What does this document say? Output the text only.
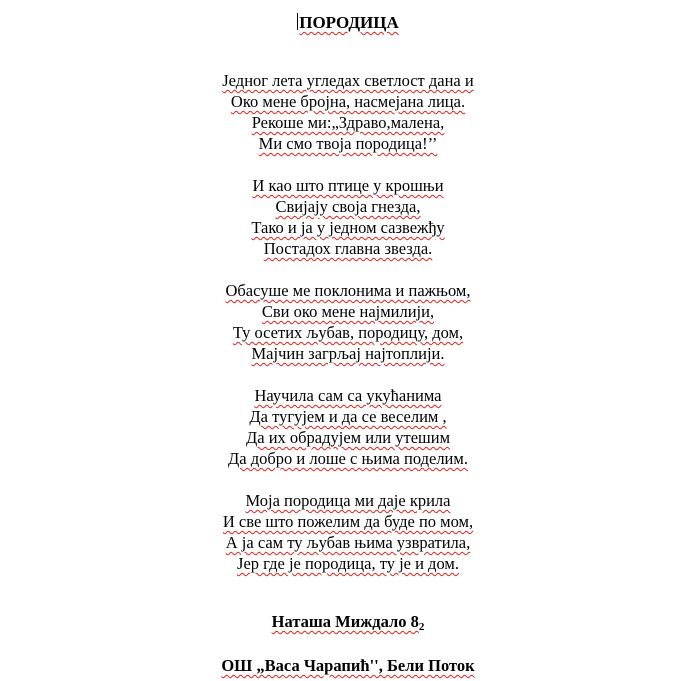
ПОРОДИЦА
Једног лета угледах светлост дана и
Око мене бројна, насмејана лица.
Рекоше ми:„Здраво,малена,
Ми смо твоја породица!’’
И као што птице у крошњи
Свијају своја гнезда,
Тако и ја у једном сазвежђу
Постадох главна звезда.
Обасуше ме поклонима и пажњом,
Сви око мене најмилији,
Ту осетих љубав, породицу, дом,
Мајчин загрљај најтоплији.
Научила сам са укућанима
Да тугујем и да се веселим ,
Да их обрадујем или утешим
Да добро и лоше с њима поделим.
Моја породица ми даје крила
И све што пожелим да буде по мом,
А ја сам ту љубав њима узвратила,
Јер где је породица, ту је и дом.
Наташа Миждало $8_2$
ОШ „Васа Чарапић'', Бели Поток
